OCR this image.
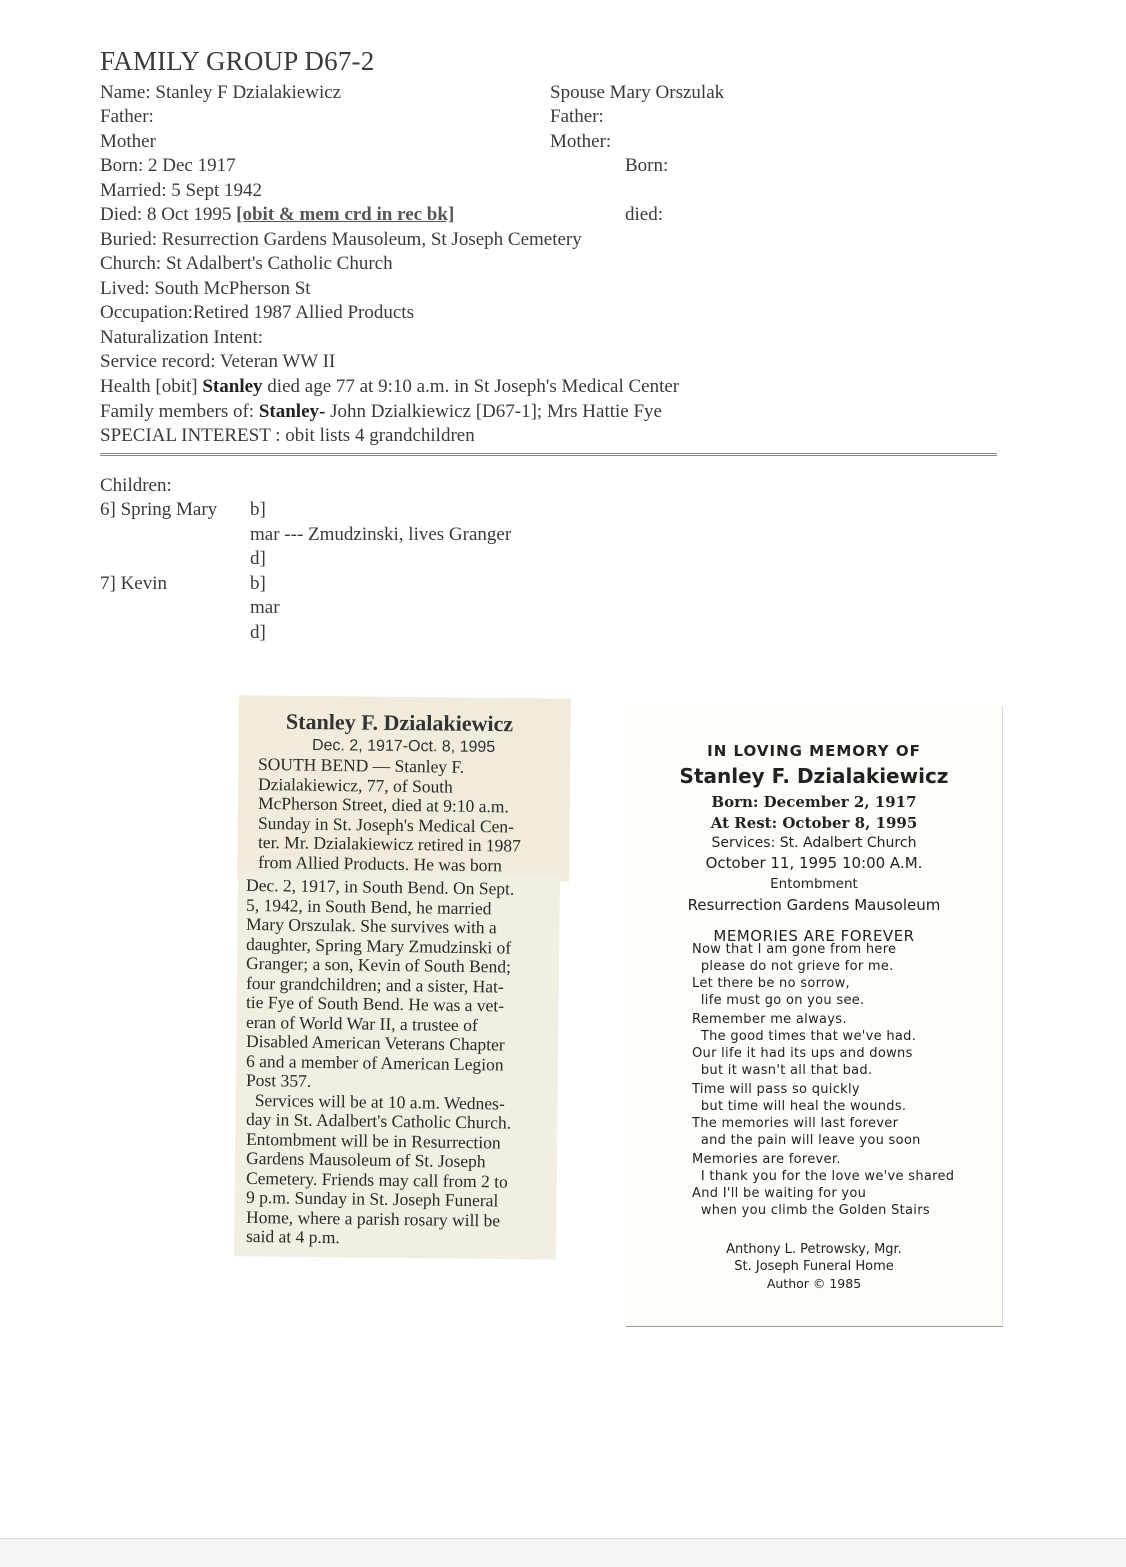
FAMILY GROUP D67-2
Name: Stanley F Dzialakiewicz	Spouse Mary Orszulak
Father:	Father:
Mother	Mother:
Born: 2 Dec 1917	Born:
Married: 5 Sept 1942
Died: 8 Oct 1995 [obit & mem crd in rec bk]	died:
Buried: Resurrection Gardens Mausoleum, St Joseph Cemetery
Church: St Adalbert's Catholic Church
Lived: South McPherson St
Occupation:Retired 1987 Allied Products
Naturalization Intent:
Service record: Veteran WW II
Health [obit] Stanley died age 77 at 9:10 a.m. in St Joseph's Medical Center
Family members of: Stanley- John Dzialkiewicz [D67-1]; Mrs Hattie Fye
SPECIAL INTEREST : obit lists 4 grandchildren
Children:
6] Spring Mary b]
mar --- Zmudzinski, lives Granger
d]
7] Kevin	b]
mar
d]
Stanley F. Dzialakiewicz
Dec. 2, 1917-Oct. 8, 1995
SOUTH BEND — Stanley F.
Dzialakiewicz, 77, of South
McPherson Street, died at 9:10 a.m.
Sunday in St. Joseph's Medical Cen-
ter. Mr. Dzialakiewicz retired in 1987
from Allied Products. He was born
Dec. 2, 1917, in South Bend. On Sept.
5, 1942, in South Bend, he married
Mary Orszulak. She survives with a
daughter, Spring Mary Zmudzinski of
Granger; a son, Kevin of South Bend;
four grandchildren; and a sister, Hat-
tie Fye of South Bend. He was a vet-
eran of World War II, a trustee of
Disabled American Veterans Chapter
6 and a member of American Legion
Post 357.
Services will be at 10 a.m. Wednes-
day in St. Adalbert's Catholic Church.
Entombment will be in Resurrection
Gardens Mausoleum of St. Joseph
Cemetery. Friends may call from 2 to
9 p.m. Sunday in St. Joseph Funeral
Home, where a parish rosary will be
said at 4 p.m.
IN LOVING MEMORY OF
Stanley F. Dzialakiewicz
Born: December 2, 1917
At Rest: October 8, 1995
Services: St. Adalbert Church
October 11, 1995 10:00 A.M.
Entombment
Resurrection Gardens Mausoleum
MEMORIES ARE FOREVER
Now that I am gone from here
please do not grieve for me.
Let there be no sorrow,
life must go on you see.
Remember me always.
The good times that we've had.
Our life it had its ups and downs
but it wasn't all that bad.
Time will pass so quickly
but time will heal the wounds.
The memories will last forever
and the pain will leave you soon
Memories are forever.
I thank you for the love we've shared
And I'll be waiting for you
when you climb the Golden Stairs
Anthony L. Petrowsky, Mgr.
St. Joseph Funeral Home
Author © 1985
